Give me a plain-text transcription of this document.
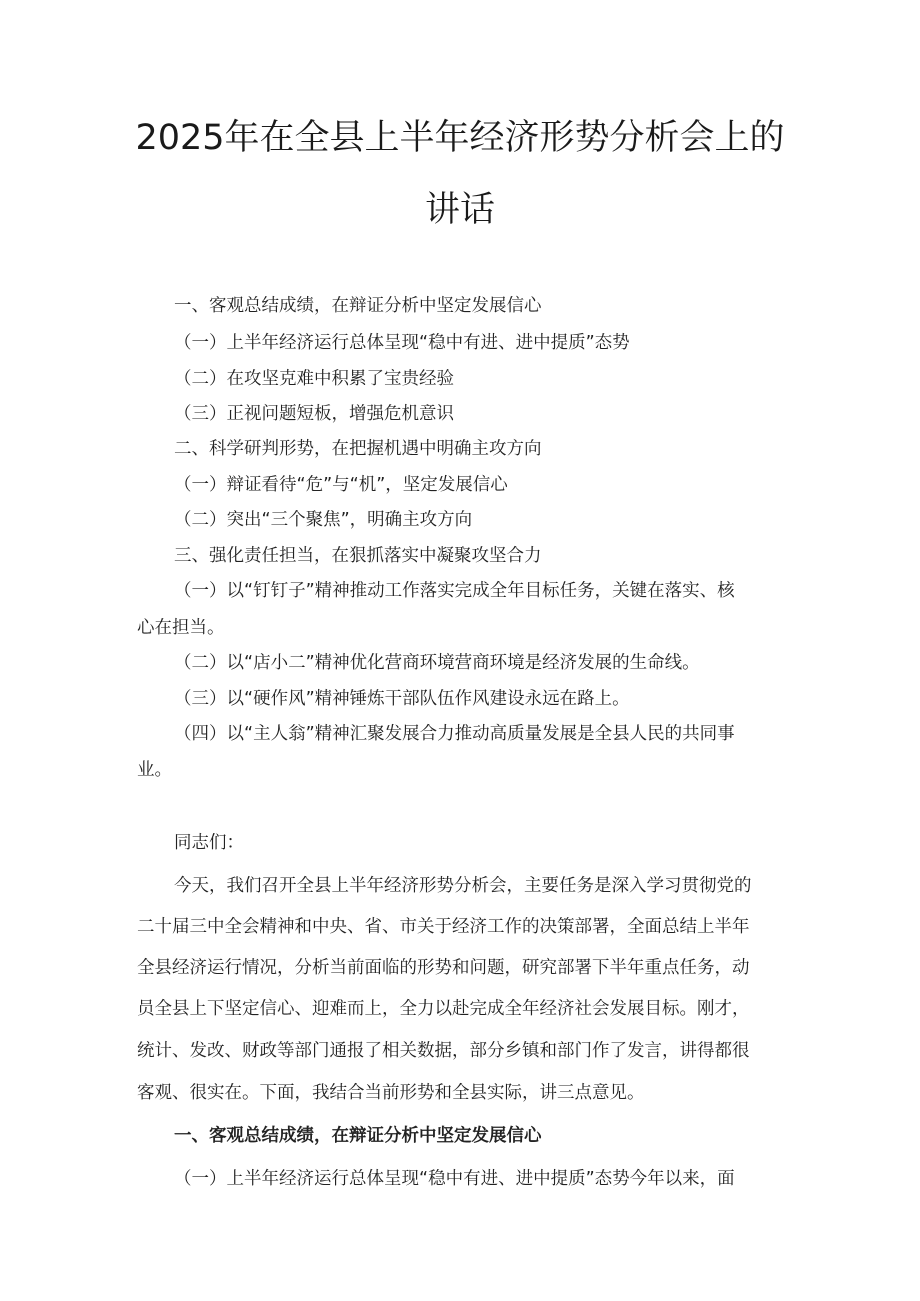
2025年在全县上半年经济形势分析会上的
讲话
一、客观总结成绩，在辩证分析中坚定发展信心
（一）上半年经济运行总体呈现“稳中有进、进中提质”态势
（二）在攻坚克难中积累了宝贵经验
（三）正视问题短板，增强危机意识
二、科学研判形势，在把握机遇中明确主攻方向
（一）辩证看待“危”与“机”，坚定发展信心
（二）突出“三个聚焦”，明确主攻方向
三、强化责任担当，在狠抓落实中凝聚攻坚合力
（一）以“钉钉子”精神推动工作落实完成全年目标任务，关键在落实、核
心在担当。
（二）以“店小二”精神优化营商环境营商环境是经济发展的生命线。
（三）以“硬作风”精神锤炼干部队伍作风建设永远在路上。
（四）以“主人翁”精神汇聚发展合力推动高质量发展是全县人民的共同事
业。
同志们：
今天，我们召开全县上半年经济形势分析会，主要任务是深入学习贯彻党的
二十届三中全会精神和中央、省、市关于经济工作的决策部署，全面总结上半年
全县经济运行情况，分析当前面临的形势和问题，研究部署下半年重点任务，动
员全县上下坚定信心、迎难而上，全力以赴完成全年经济社会发展目标。刚才，
统计、发改、财政等部门通报了相关数据，部分乡镇和部门作了发言，讲得都很
客观、很实在。下面，我结合当前形势和全县实际，讲三点意见。
一、客观总结成绩，在辩证分析中坚定发展信心
（一）上半年经济运行总体呈现“稳中有进、进中提质”态势今年以来，面
